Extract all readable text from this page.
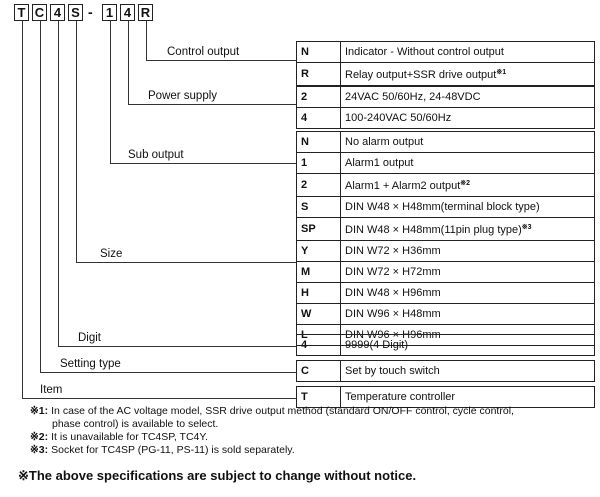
T C 4 S - 1 4 R
Control output	N	Indicator - Without control output
R	Relay output+SSR drive output$^{※1}$
Power supply	2	24VAC 50/60Hz, 24-48VDC
4	100-240VAC 50/60Hz
Sub output
N	No alarm output
1	Alarm1 output
2	Alarm1 + Alarm2 output$^{※2}$
Size
S	DIN W48 × H48mm(terminal block type)
SP	DIN W48 × H48mm(11pin plug type)$^{※3}$
Y	DIN W72 × H36mm
M	DIN W72 × H72mm
H	DIN W48 × H96mm
W	DIN W96 × H48mm
L	DIN W96 × H96mm
Digit
4	9999(4 Digit)
Setting type
C	Set by touch switch
Item
T	Temperature controller
※1: In case of the AC voltage model, SSR drive output method (standard ON/OFF control, cycle control,
phase control) is available to select.
※2: It is unavailable for TC4SP, TC4Y.
※3: Socket for TC4SP (PG-11, PS-11) is sold separately.
※The above specifications are subject to change without notice.
